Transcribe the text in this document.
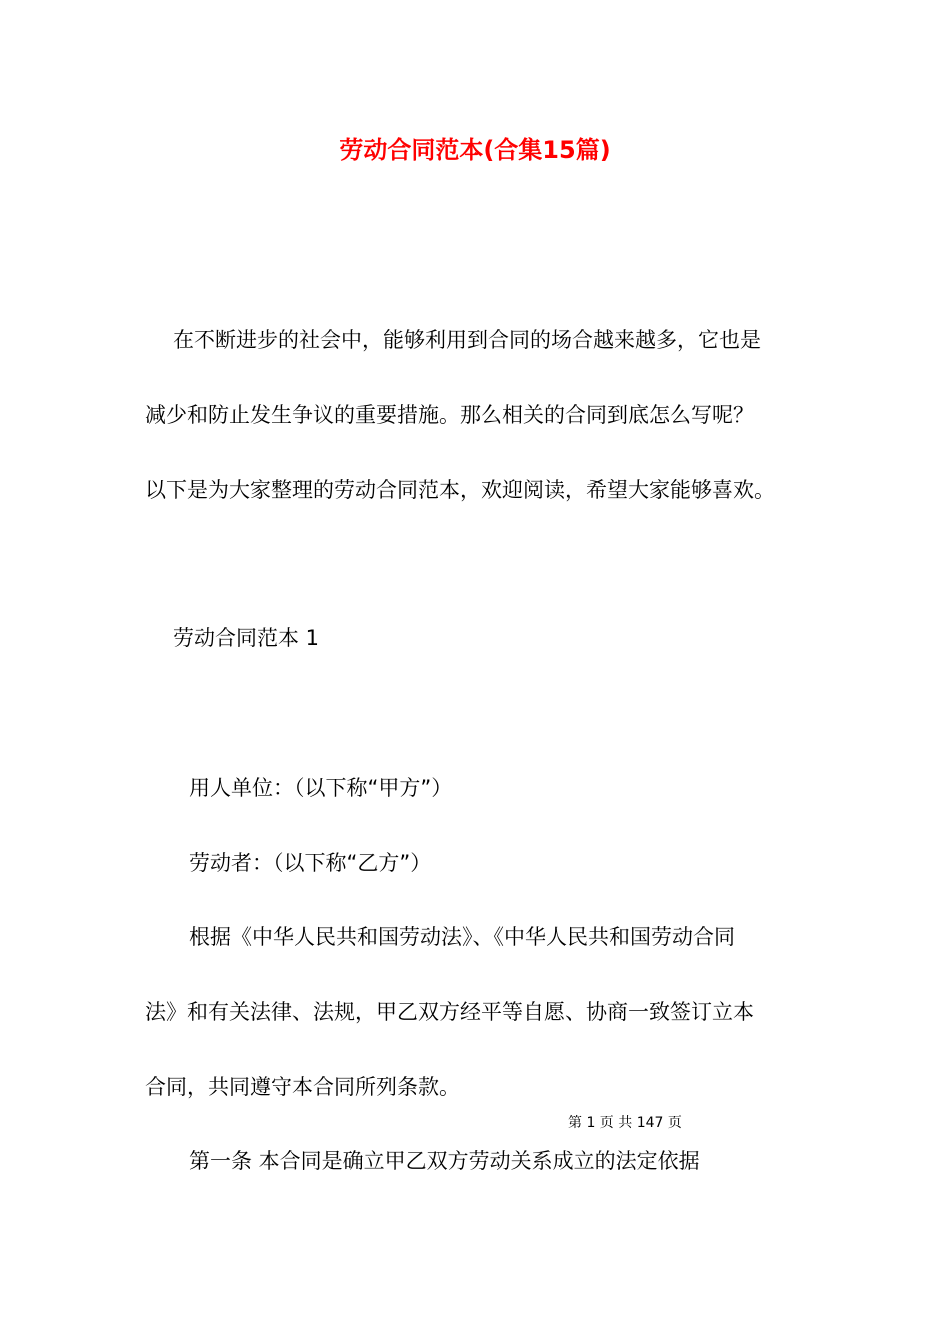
劳动合同范本(合集15篇)
在不断进步的社会中，能够利用到合同的场合越来越多，它也是
减少和防止发生争议的重要措施。那么相关的合同到底怎么写呢？
以下是为大家整理的劳动合同范本，欢迎阅读，希望大家能够喜欢。
劳动合同范本 1
用人单位：（以下称“甲方”）
劳动者：（以下称“乙方”）
根据《中华人民共和国劳动法》、《中华人民共和国劳动合同
法》和有关法律、法规，甲乙双方经平等自愿、协商一致签订立本
合同，共同遵守本合同所列条款。
第 1 页 共 147 页
第一条 本合同是确立甲乙双方劳动关系成立的法定依据
